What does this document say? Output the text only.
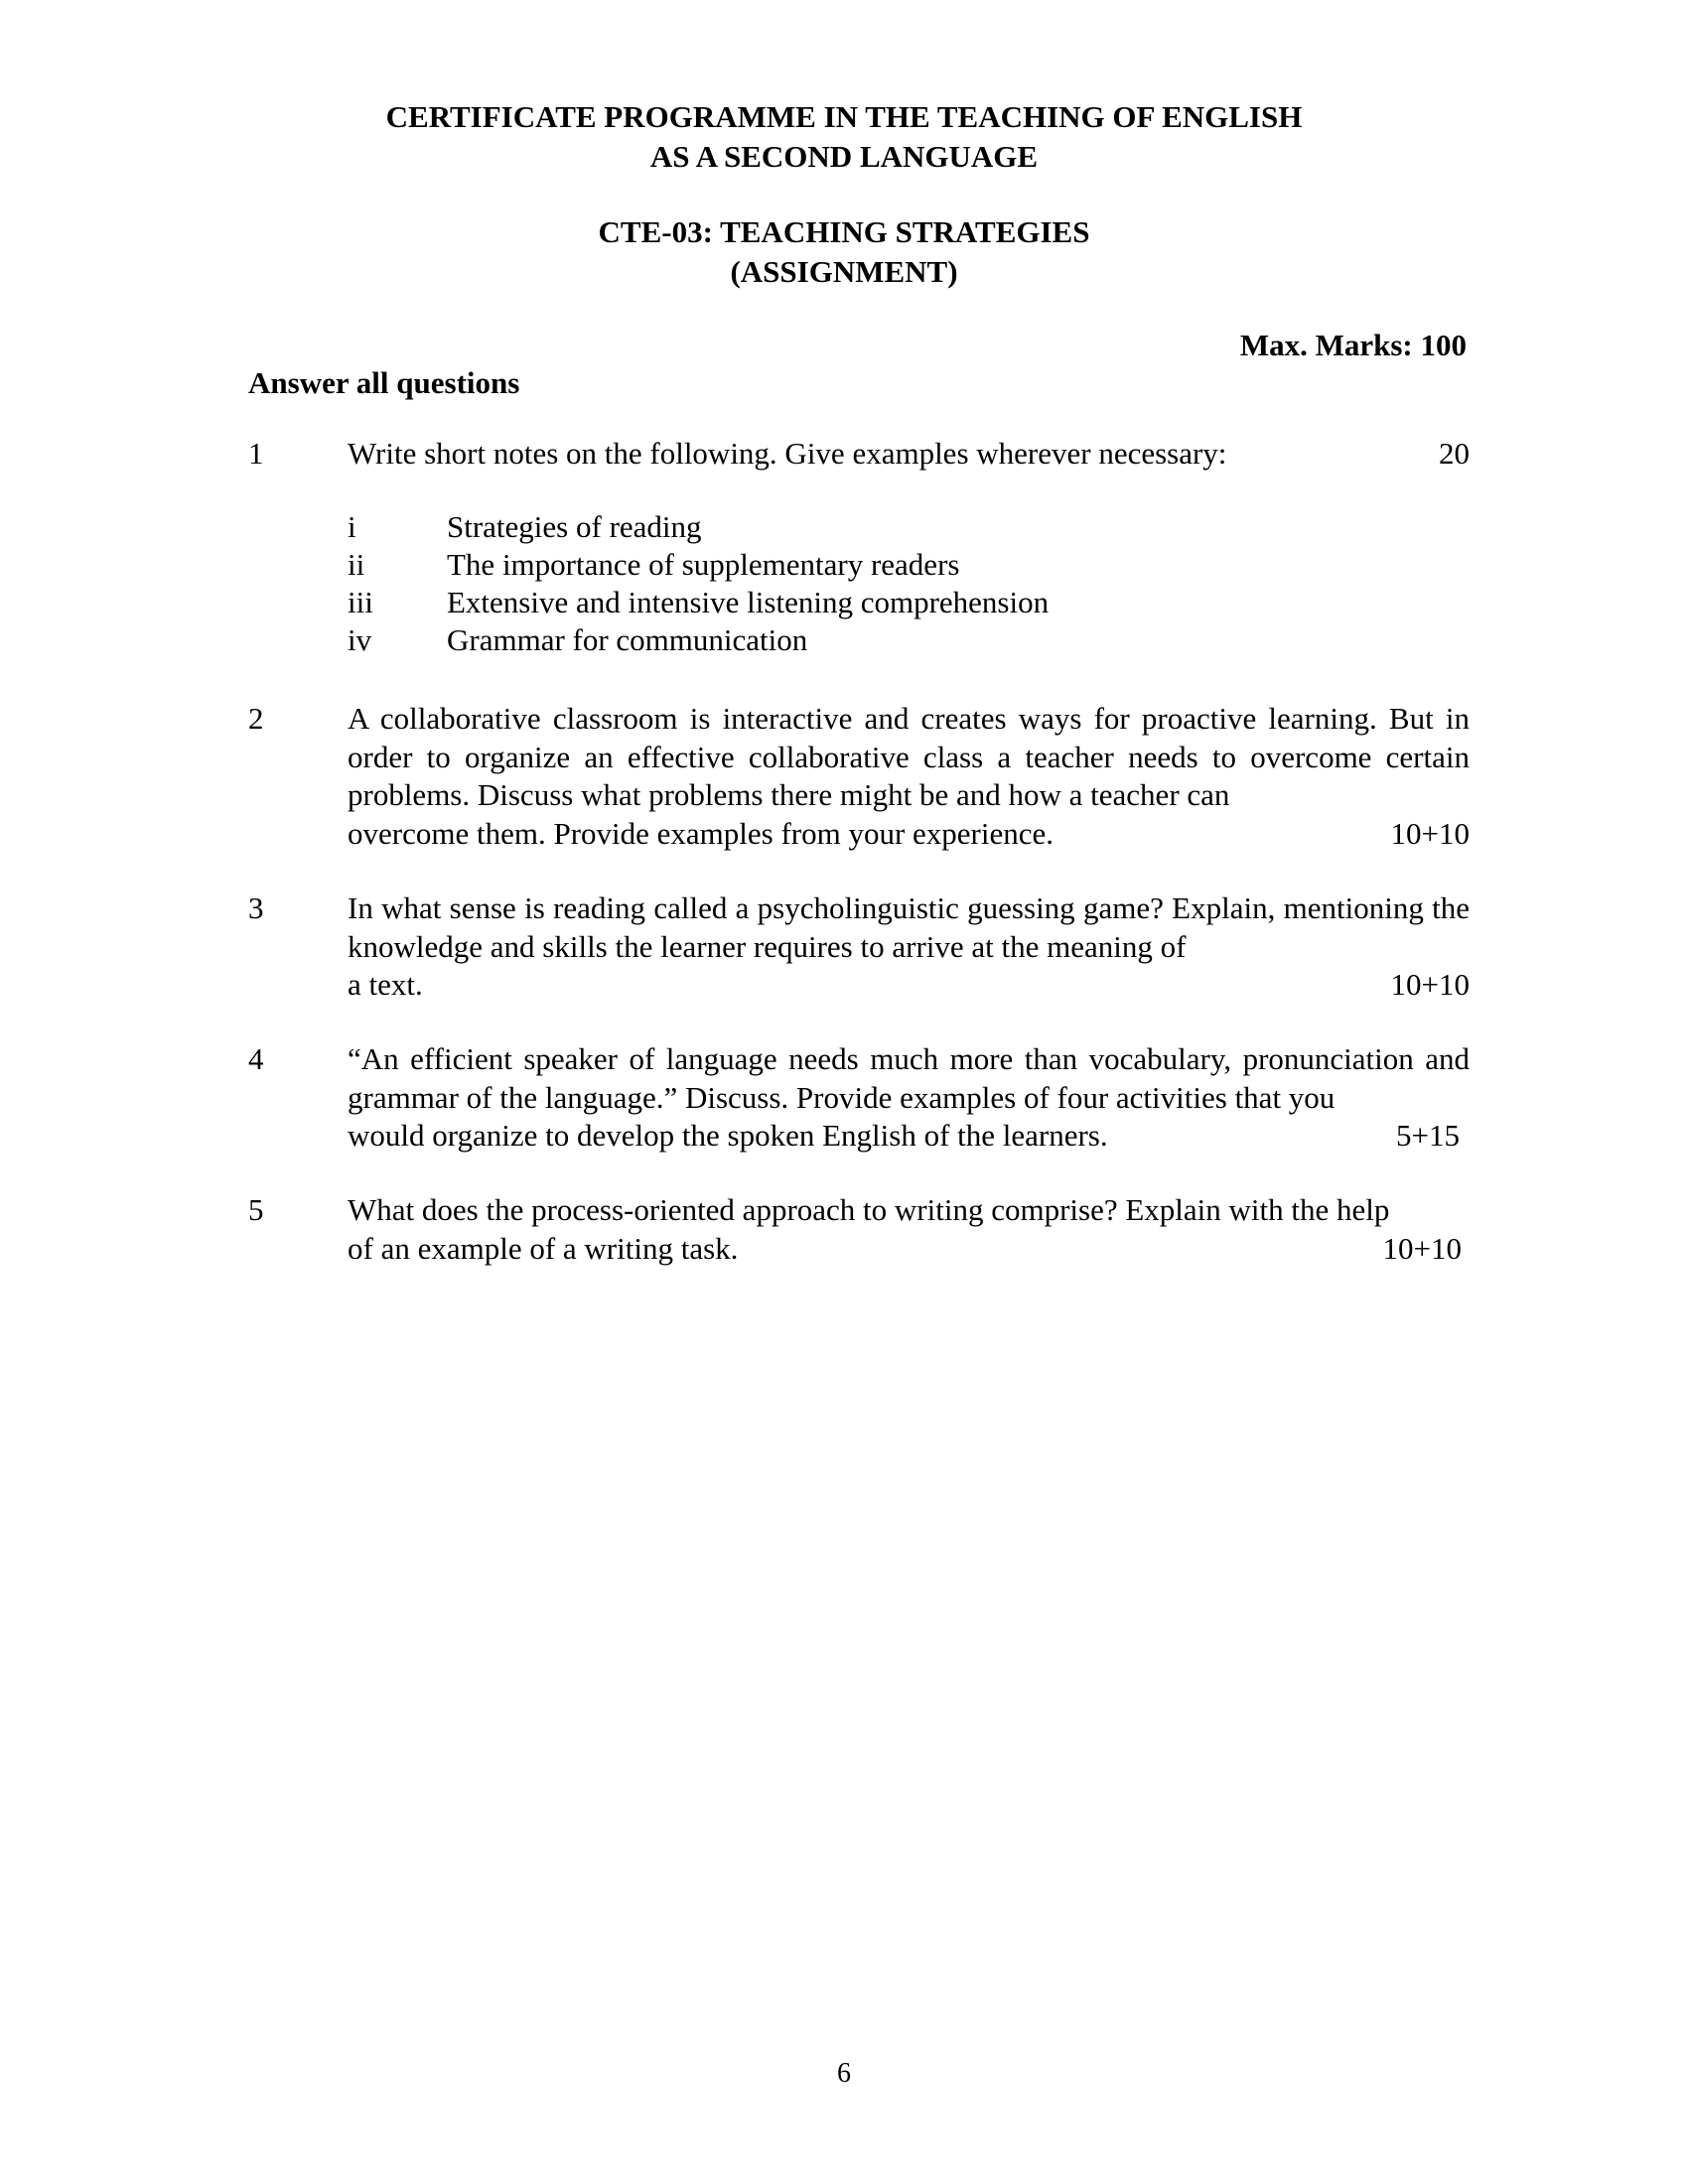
CERTIFICATE PROGRAMME IN THE TEACHING OF ENGLISH
AS A SECOND LANGUAGE
CTE-03: TEACHING STRATEGIES
(ASSIGNMENT)
Max. Marks: 100
Answer all questions
1	Write short notes on the following. Give examples wherever necessary:	20
i	Strategies of reading
ii	The importance of supplementary readers
iii	Extensive and intensive listening comprehension
iv	Grammar for communication
2	A collaborative classroom is interactive and creates ways for proactive learning. But in order to organize an effective collaborative class a teacher needs to overcome certain problems. Discuss what problems there might be and how a teacher can
overcome them. Provide examples from your experience.	10+10
3	In what sense is reading called a psycholinguistic guessing game? Explain, mentioning the knowledge and skills the learner requires to arrive at the meaning of
a text.	10+10
4	“An efficient speaker of language needs much more than vocabulary, pronunciation and grammar of the language.” Discuss. Provide examples of four activities that you
would organize to develop the spoken English of the learners.	5+15
5	What does the process-oriented approach to writing comprise? Explain with the help
of an example of a writing task.	10+10
6
